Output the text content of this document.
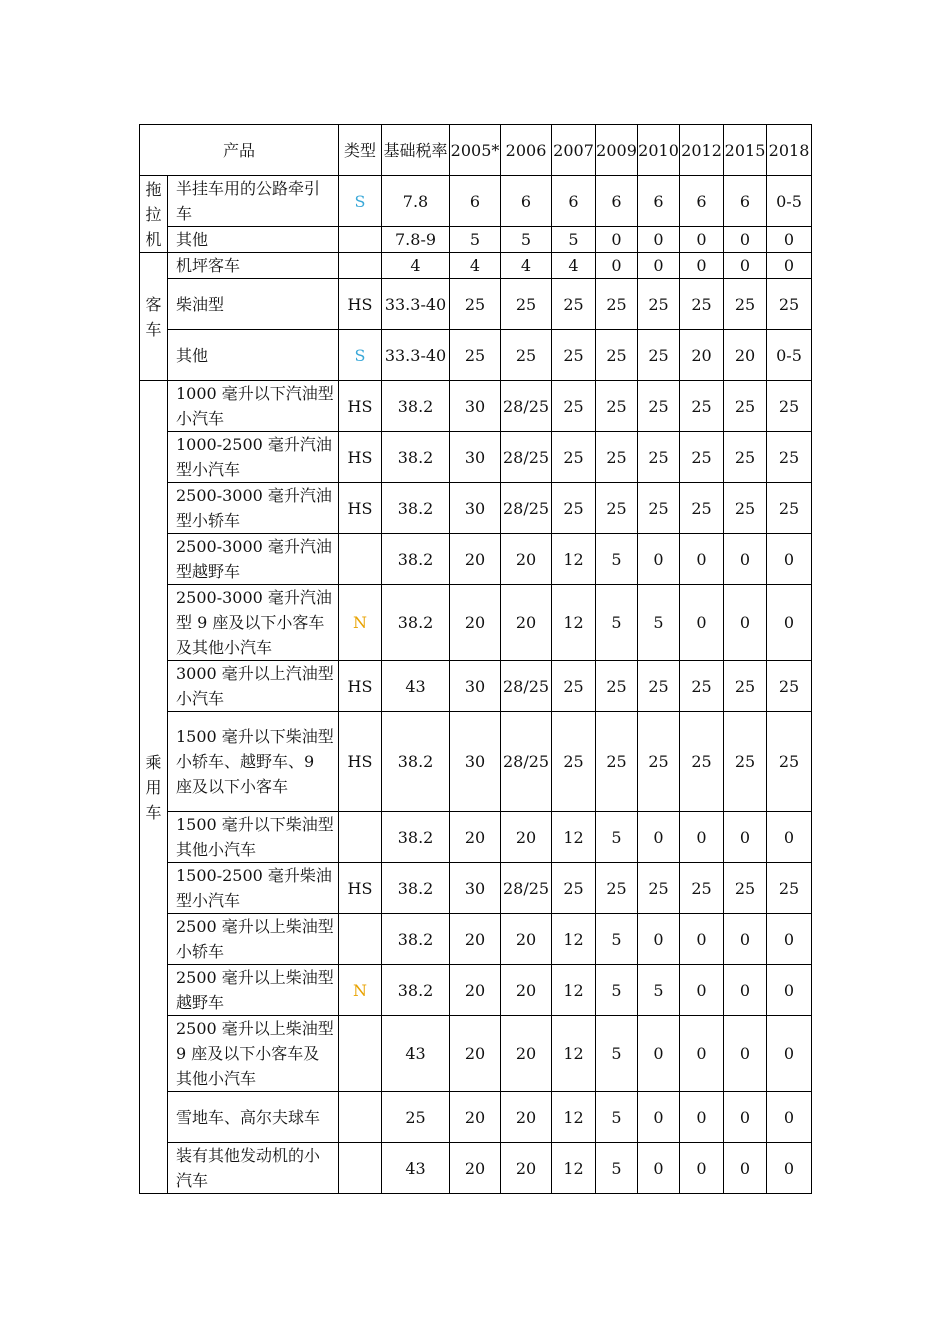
产品		类型	基础税率	2005*	2006	2007	2009	2010	2012	2015	2018
拖拉机	半挂车用的公路牵引车	S	7.8	6	6	6	6	6	6	6	0-5
	其他		7.8-9	5	5	5	0	0	0	0	0
客车	机坪客车		4	4	4	4	0	0	0	0	0
	柴油型	HS	33.3-40	25	25	25	25	25	25	25	25
	其他	S	33.3-40	25	25	25	25	25	20	20	0-5
乘用车	1000 毫升以下汽油型小汽车	HS	38.2	30	28/25	25	25	25	25	25	25
	1000-2500 毫升汽油型小汽车	HS	38.2	30	28/25	25	25	25	25	25	25
	2500-3000 毫升汽油型小轿车	HS	38.2	30	28/25	25	25	25	25	25	25
	2500-3000 毫升汽油型越野车		38.2	20	20	12	5	0	0	0	0
	2500-3000 毫升汽油型 9 座及以下小客车及其他小汽车	N	38.2	20	20	12	5	5	0	0	0
	3000 毫升以上汽油型小汽车	HS	43	30	28/25	25	25	25	25	25	25
	1500 毫升以下柴油型小轿车、越野车、9 座及以下小客车	HS	38.2	30	28/25	25	25	25	25	25	25
	1500 毫升以下柴油型其他小汽车		38.2	20	20	12	5	0	0	0	0
	1500-2500 毫升柴油型小汽车	HS	38.2	30	28/25	25	25	25	25	25	25
	2500 毫升以上柴油型小轿车		38.2	20	20	12	5	0	0	0	0
	2500 毫升以上柴油型越野车	N	38.2	20	20	12	5	5	0	0	0
	2500 毫升以上柴油型 9 座及以下小客车及其他小汽车		43	20	20	12	5	0	0	0	0
	雪地车、高尔夫球车		25	20	20	12	5	0	0	0	0
	装有其他发动机的小汽车		43	20	20	12	5	0	0	0	0
